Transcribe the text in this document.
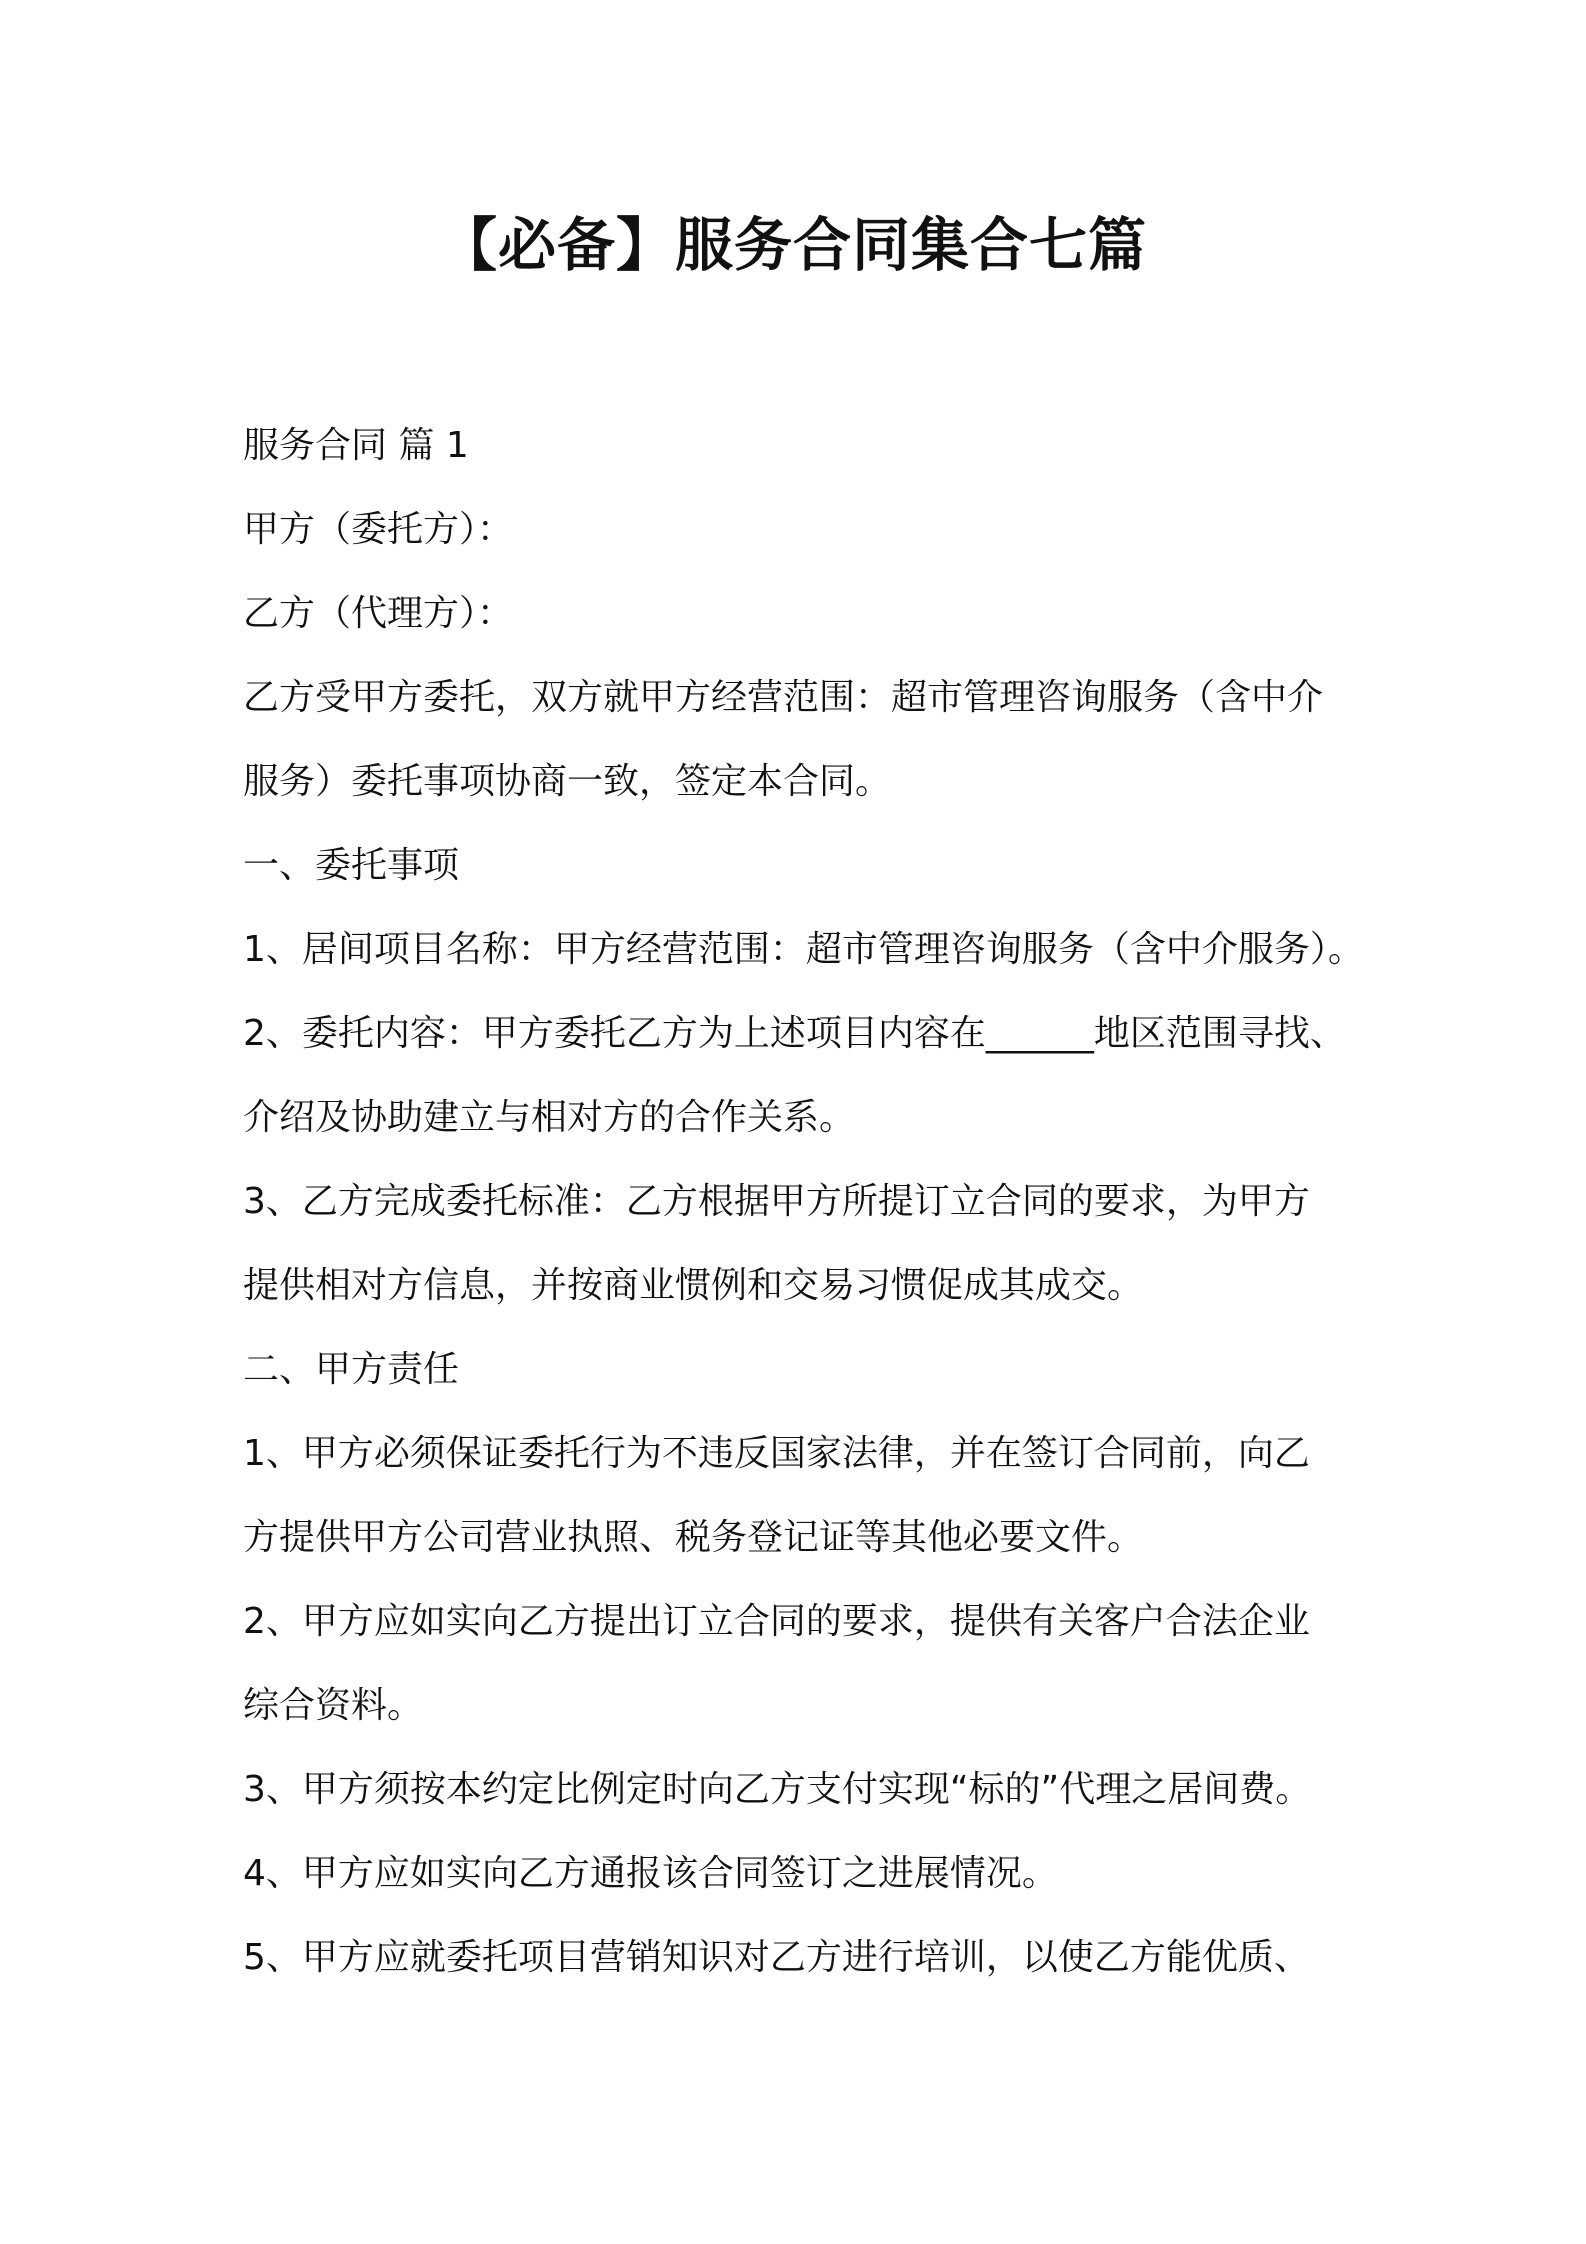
【必备】服务合同集合七篇
服务合同 篇 1
甲方（委托方）：
乙方（代理方）：
乙方受甲方委托，双方就甲方经营范围：超市管理咨询服务（含中介
服务）委托事项协商一致，签定本合同。
一、委托事项
1、居间项目名称：甲方经营范围：超市管理咨询服务（含中介服务）。
2、委托内容：甲方委托乙方为上述项目内容在______地区范围寻找、
介绍及协助建立与相对方的合作关系。
3、乙方完成委托标准：乙方根据甲方所提订立合同的要求，为甲方
提供相对方信息，并按商业惯例和交易习惯促成其成交。
二、甲方责任
1、甲方必须保证委托行为不违反国家法律，并在签订合同前，向乙
方提供甲方公司营业执照、税务登记证等其他必要文件。
2、甲方应如实向乙方提出订立合同的要求，提供有关客户合法企业
综合资料。
3、甲方须按本约定比例定时向乙方支付实现“标的”代理之居间费。
4、甲方应如实向乙方通报该合同签订之进展情况。
5、甲方应就委托项目营销知识对乙方进行培训，以使乙方能优质、
